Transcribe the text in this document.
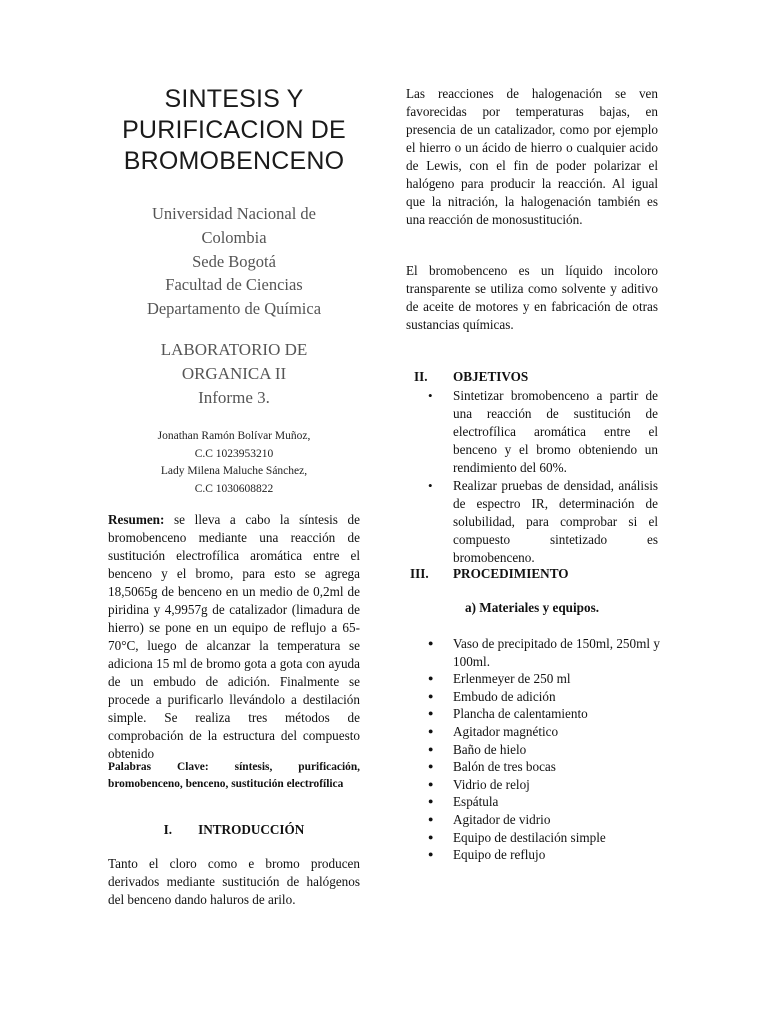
SINTESIS Y
PURIFICACION DE
BROMOBENCENO
Universidad Nacional de
Colombia
Sede Bogotá
Facultad de Ciencias
Departamento de Química
LABORATORIO DE
ORGANICA II
Informe 3.
Jonathan Ramón Bolívar Muñoz,
C.C 1023953210
Lady Milena Maluche Sánchez,
C.C 1030608822

Resumen: se lleva a cabo la síntesis de bromobenceno mediante una reacción de sustitución electrofílica aromática entre el benceno y el bromo, para esto se agrega 18,5065g de benceno en un medio de 0,2ml de piridina y 4,9957g de catalizador (limadura de hierro) se pone en un equipo de reflujo a 65-70°C, luego de alcanzar la temperatura se adiciona 15 ml de bromo gota a gota con ayuda de un embudo de adición. Finalmente se procede a purificarlo llevándolo a destilación simple. Se realiza tres métodos de comprobación de la estructura del compuesto obtenido

Palabras Clave: síntesis, purificación, bromobenceno, benceno, sustitución electrofílica

I. INTRODUCCIÓN

Tanto el cloro como e bromo producen derivados mediante sustitución de halógenos del benceno dando haluros de arilo.

Las reacciones de halogenación se ven favorecidas por temperaturas bajas, en presencia de un catalizador, como por ejemplo el hierro o un ácido de hierro o cualquier acido de Lewis, con el fin de poder polarizar el halógeno para producir la reacción. Al igual que la nitración, la halogenación también es una reacción de monosustitución.

El bromobenceno es un líquido incoloro transparente se utiliza como solvente y aditivo de aceite de motores y en fabricación de otras sustancias químicas.

II. OBJETIVOS
• Sintetizar bromobenceno a partir de una reacción de sustitución de electrofílica aromática entre el benceno y el bromo obteniendo un rendimiento del 60%.
• Realizar pruebas de densidad, análisis de espectro IR, determinación de solubilidad, para comprobar si el compuesto sintetizado es bromobenceno.
III. PROCEDIMIENTO
a) Materiales y equipos.
● Vaso de precipitado de 150ml, 250ml y 100ml.
● Erlenmeyer de 250 ml
● Embudo de adición
● Plancha de calentamiento
● Agitador magnético
● Baño de hielo
● Balón de tres bocas
● Vidrio de reloj
● Espátula
● Agitador de vidrio
● Equipo de destilación simple
● Equipo de reflujo
